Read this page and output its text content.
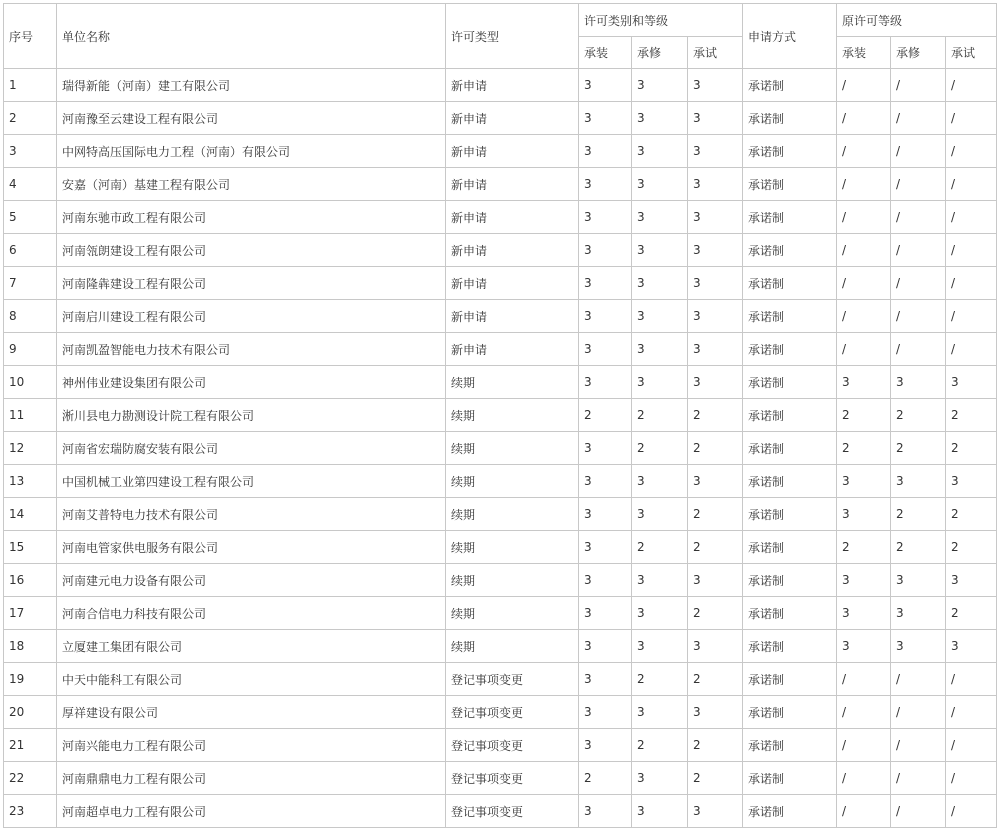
序号	单位名称	许可类型	许可类别和等级			申请方式	原许可等级		
			承装	承修	承试		承装	承修	承试
1	瑞得新能（河南）建工有限公司	新申请	3	3	3	承诺制	/	/	/
2	河南豫至云建设工程有限公司	新申请	3	3	3	承诺制	/	/	/
3	中网特高压国际电力工程（河南）有限公司	新申请	3	3	3	承诺制	/	/	/
4	安嘉（河南）基建工程有限公司	新申请	3	3	3	承诺制	/	/	/
5	河南东驰市政工程有限公司	新申请	3	3	3	承诺制	/	/	/
6	河南瓴朗建设工程有限公司	新申请	3	3	3	承诺制	/	/	/
7	河南隆犇建设工程有限公司	新申请	3	3	3	承诺制	/	/	/
8	河南启川建设工程有限公司	新申请	3	3	3	承诺制	/	/	/
9	河南凯盈智能电力技术有限公司	新申请	3	3	3	承诺制	/	/	/
10	神州伟业建设集团有限公司	续期	3	3	3	承诺制	3	3	3
11	淅川县电力勘测设计院工程有限公司	续期	2	2	2	承诺制	2	2	2
12	河南省宏瑞防腐安装有限公司	续期	3	2	2	承诺制	2	2	2
13	中国机械工业第四建设工程有限公司	续期	3	3	3	承诺制	3	3	3
14	河南艾普特电力技术有限公司	续期	3	3	2	承诺制	3	2	2
15	河南电管家供电服务有限公司	续期	3	2	2	承诺制	2	2	2
16	河南建元电力设备有限公司	续期	3	3	3	承诺制	3	3	3
17	河南合信电力科技有限公司	续期	3	3	2	承诺制	3	3	2
18	立厦建工集团有限公司	续期	3	3	3	承诺制	3	3	3
19	中天中能科工有限公司	登记事项变更	3	2	2	承诺制	/	/	/
20	厚祥建设有限公司	登记事项变更	3	3	3	承诺制	/	/	/
21	河南兴能电力工程有限公司	登记事项变更	3	2	2	承诺制	/	/	/
22	河南鼎鼎电力工程有限公司	登记事项变更	2	3	2	承诺制	/	/	/
23	河南超卓电力工程有限公司	登记事项变更	3	3	3	承诺制	/	/	/
